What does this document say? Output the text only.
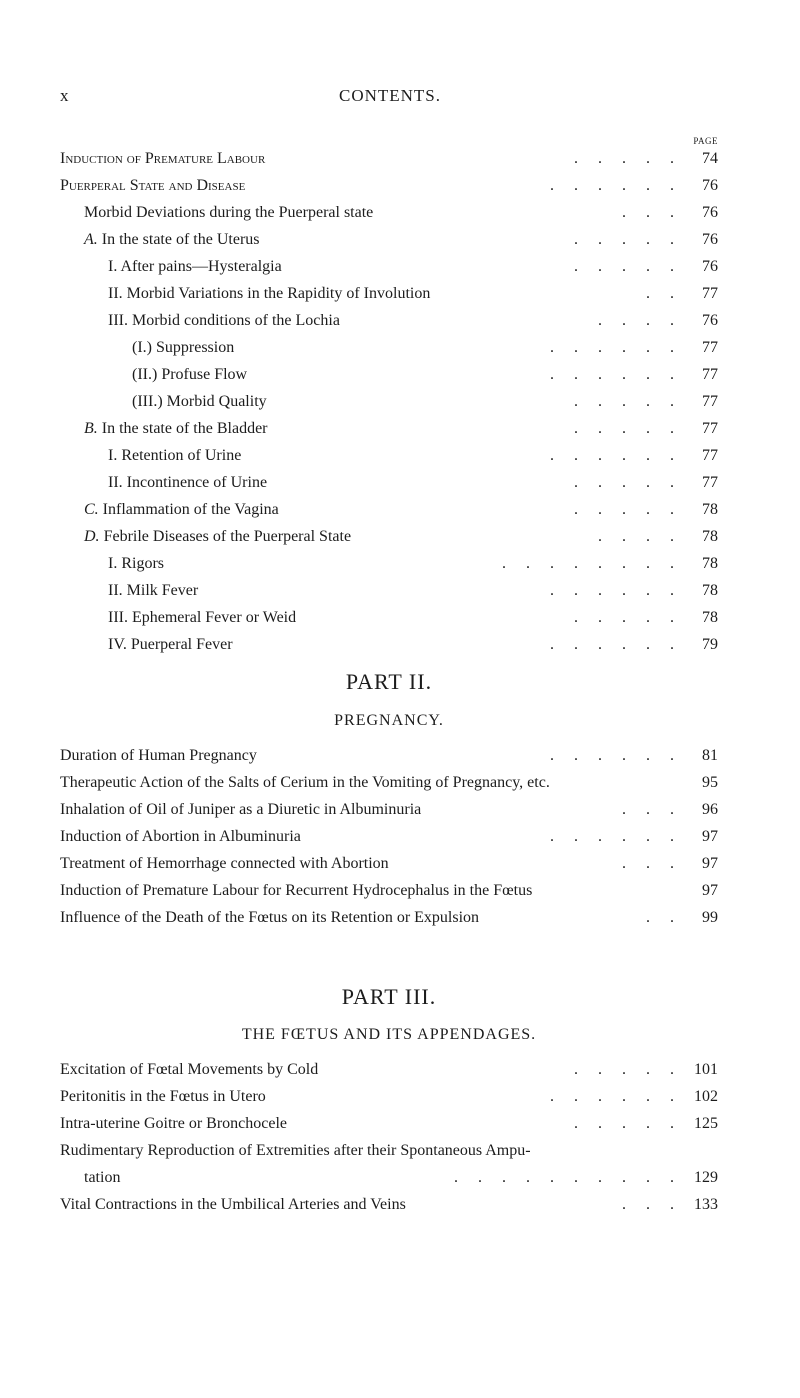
x	CONTENTS.
PAGE
Induction of Premature Labour	.     .     .     .     . 74
Puerperal State and Disease	.     .     .     .     .     . 76
Morbid Deviations during the Puerperal state	.     .     . 76
A. In the state of the Uterus	.     .     .     .     . 76
I. After pains—Hysteralgia	.     .     .     .     . 76
II. Morbid Variations in the Rapidity of Involution	.     . 77
III. Morbid conditions of the Lochia	.     .     .     . 76
(I.) Suppression	.     .     .     .     .     . 77
(II.) Profuse Flow	.     .     .     .     .     . 77
(III.) Morbid Quality	.     .     .     .     . 77
B. In the state of the Bladder	.     .     .     .     . 77
I. Retention of Urine	.     .     .     .     .     . 77
II. Incontinence of Urine	.     .     .     .     . 77
C. Inflammation of the Vagina	.     .     .     .     . 78
D. Febrile Diseases of the Puerperal State	.     .     .     . 78
I. Rigors	.     .     .     .     .     .     .     . 78
II. Milk Fever	.     .     .     .     .     . 78
III. Ephemeral Fever or Weid	.     .     .     .     . 78
IV. Puerperal Fever	.     .     .     .     .     . 79
PART II.
PREGNANCY.
Duration of Human Pregnancy	.     .     .     .     .     . 81
Therapeutic Action of the Salts of Cerium in the Vomiting of Pregnancy, etc.	95
Inhalation of Oil of Juniper as a Diuretic in Albuminuria	.     .     . 96
Induction of Abortion in Albuminuria	.     .     .     .     .     . 97
Treatment of Hemorrhage connected with Abortion	.     .     . 97
Induction of Premature Labour for Recurrent Hydrocephalus in the Fœtus	97
Influence of the Death of the Fœtus on its Retention or Expulsion	.     . 99
PART III.
THE FŒTUS AND ITS APPENDAGES.
Excitation of Fœtal Movements by Cold	.     .     .     .     . 101
Peritonitis in the Fœtus in Utero	.     .     .     .     .     . 102
Intra-uterine Goitre or Bronchocele	.     .     .     .     . 125
Rudimentary Reproduction of Extremities after their Spontaneous Ampu-
tation	.     .     .     .     .     .     .     .     .     . 129
Vital Contractions in the Umbilical Arteries and Veins	.     .     . 133
